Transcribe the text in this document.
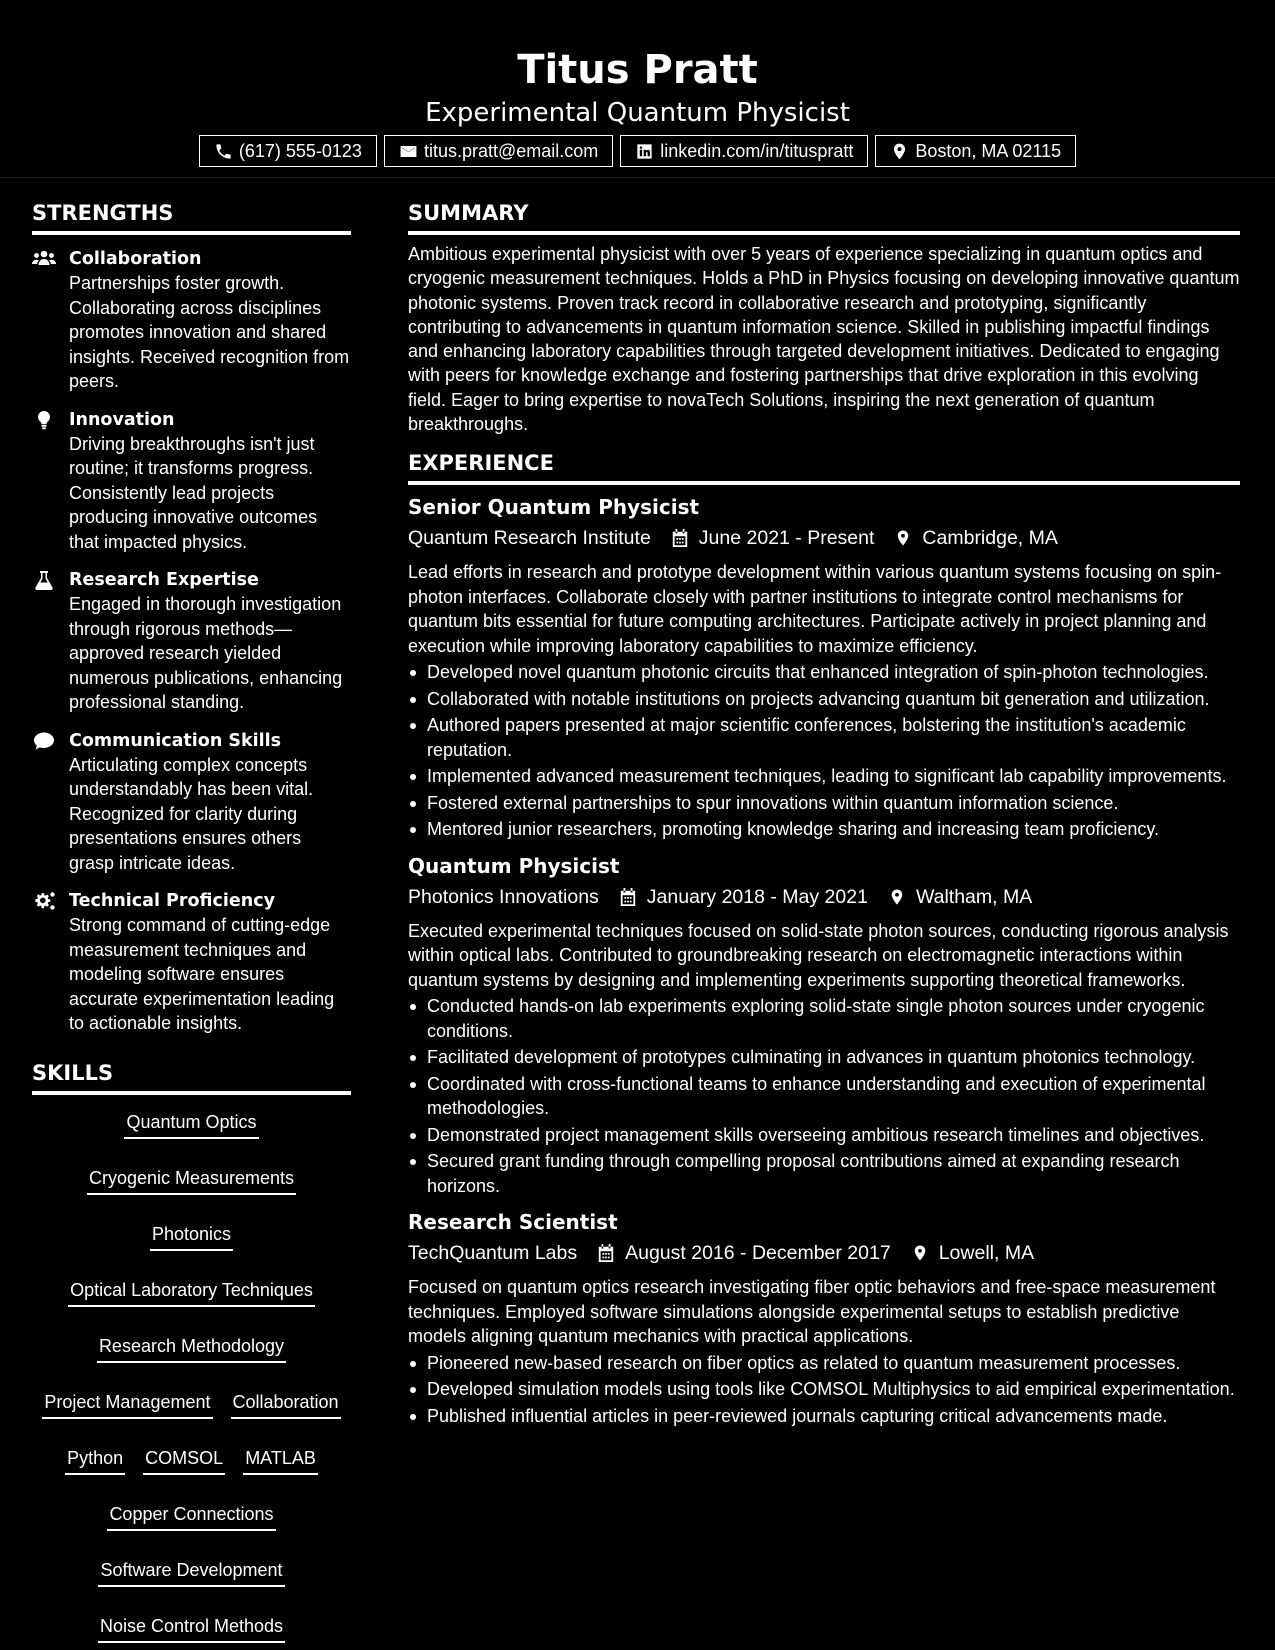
Titus Pratt
Experimental Quantum Physicist
(617) 555-0123	titus.pratt@email.com	linkedin.com/in/tituspratt	Boston, MA 02115
STRENGTHS
Collaboration
Partnerships foster growth. Collaborating across disciplines promotes innovation and shared insights. Received recognition from peers.
Innovation
Driving breakthroughs isn't just routine; it transforms progress. Consistently lead projects producing innovative outcomes that impacted physics.
Research Expertise
Engaged in thorough investigation through rigorous methods—approved research yielded numerous publications, enhancing professional standing.
Communication Skills
Articulating complex concepts understandably has been vital. Recognized for clarity during presentations ensures others grasp intricate ideas.
Technical Proficiency
Strong command of cutting-edge measurement techniques and modeling software ensures accurate experimentation leading to actionable insights.
SKILLS
Quantum Optics
Cryogenic Measurements
Photonics
Optical Laboratory Techniques
Research Methodology
Project Management Collaboration
Python COMSOL MATLAB
Copper Connections
Software Development
Noise Control Methods
SUMMARY

Ambitious experimental physicist with over 5 years of experience specializing in quantum optics and cryogenic measurement techniques. Holds a PhD in Physics focusing on developing innovative quantum photonic systems. Proven track record in collaborative research and prototyping, significantly contributing to advancements in quantum information science. Skilled in publishing impactful findings and enhancing laboratory capabilities through targeted development initiatives. Dedicated to engaging with peers for knowledge exchange and fostering partnerships that drive exploration in this evolving field. Eager to bring expertise to novaTech Solutions, inspiring the next generation of quantum breakthroughs.

EXPERIENCE
Senior Quantum Physicist
Quantum Research Institute June 2021 - Present Cambridge, MA

Lead efforts in research and prototype development within various quantum systems focusing on spin-photon interfaces. Collaborate closely with partner institutions to integrate control mechanisms for quantum bits essential for future computing architectures. Participate actively in project planning and execution while improving laboratory capabilities to maximize efficiency.

Developed novel quantum photonic circuits that enhanced integration of spin-photon technologies.
Collaborated with notable institutions on projects advancing quantum bit generation and utilization.
Authored papers presented at major scientific conferences, bolstering the institution's academic reputation.
Implemented advanced measurement techniques, leading to significant lab capability improvements.
Fostered external partnerships to spur innovations within quantum information science.
Mentored junior researchers, promoting knowledge sharing and increasing team proficiency.
Quantum Physicist
Photonics Innovations January 2018 - May 2021 Waltham, MA

Executed experimental techniques focused on solid-state photon sources, conducting rigorous analysis within optical labs. Contributed to groundbreaking research on electromagnetic interactions within quantum systems by designing and implementing experiments supporting theoretical frameworks.

Conducted hands-on lab experiments exploring solid-state single photon sources under cryogenic conditions.
Facilitated development of prototypes culminating in advances in quantum photonics technology.
Coordinated with cross-functional teams to enhance understanding and execution of experimental methodologies.
Demonstrated project management skills overseeing ambitious research timelines and objectives.
Secured grant funding through compelling proposal contributions aimed at expanding research horizons.
Research Scientist
TechQuantum Labs August 2016 - December 2017 Lowell, MA

Focused on quantum optics research investigating fiber optic behaviors and free-space measurement techniques. Employed software simulations alongside experimental setups to establish predictive models aligning quantum mechanics with practical applications.

Pioneered new-based research on fiber optics as related to quantum measurement processes.
Developed simulation models using tools like COMSOL Multiphysics to aid empirical experimentation.
Published influential articles in peer-reviewed journals capturing critical advancements made.
